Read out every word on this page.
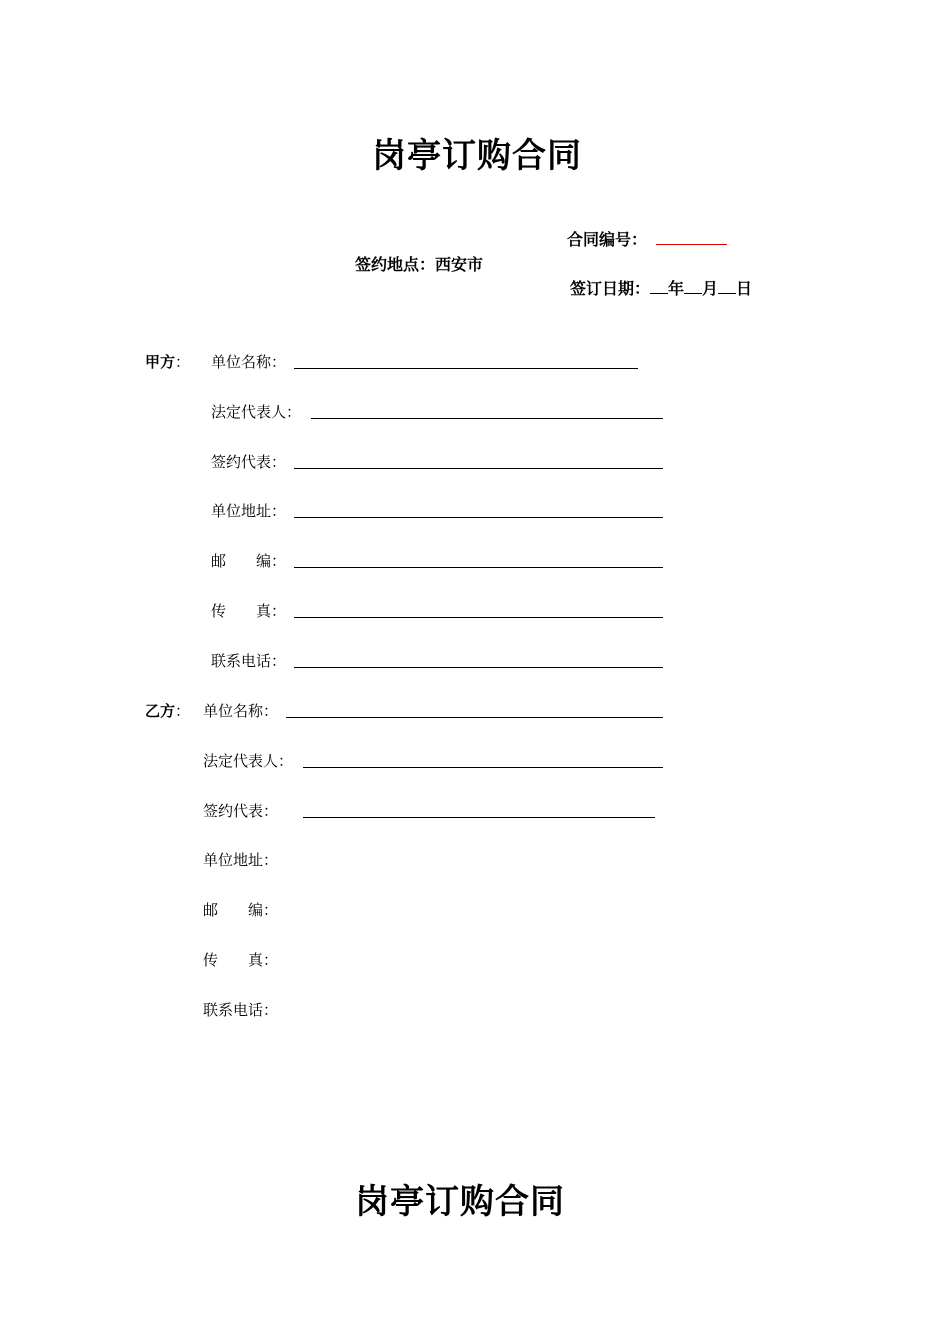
岗亭订购合同
合同编号：
签约地点：西安市
签订日期： 年 月 日
甲方： 单位名称：
法定代表人：
签约代表：
单位地址：
邮　　编：
传　　真：
联系电话：
乙方： 单位名称：
法定代表人：
签约代表：
单位地址：
邮　　编：
传　　真：
联系电话：
岗亭订购合同
